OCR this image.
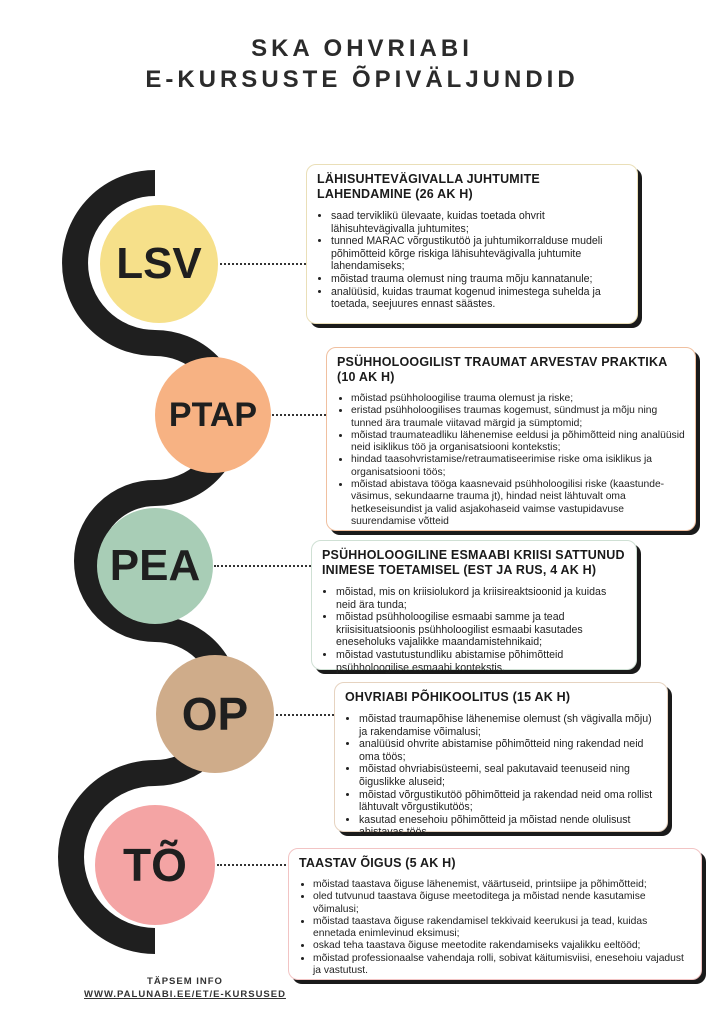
SKA OHVRIABI
E-KURSUSTE ÕPIVÄLJUNDID
LSV
PTAP
PEA
OP
TÕ
LÄHISUHTEVÄGIVALLA JUHTUMITE LAHENDAMINE (26 AK H)
• saad terviklikü ülevaate, kuidas toetada ohvrit lähisuhtevägivalla juhtumites;
• tunned MARAC võrgustikutöö ja juhtumikorralduse mudeli põhimõtteid kõrge riskiga lähisuhtevägivalla juhtumite lahendamiseks;
• mõistad trauma olemust ning trauma mõju kannatanule;
• analüüsid, kuidas traumat kogenud inimestega suhelda ja toetada, seejuures ennast säästes.
PSÜHHOLOOGILIST TRAUMAT ARVESTAV PRAKTIKA (10 AK H)
• mõistad psühholoogilise trauma olemust ja riske;
• eristad psühholoogilises traumas kogemust, sündmust ja mõju ning tunned ära traumale viitavad märgid ja sümptomid;
• mõistad traumateadliku lähenemise eeldusi ja põhimõtteid ning analüüsid neid isiklikus töö ja organisatsiooni kontekstis;
• hindad taasohvristamise/retraumatiseerimise riske oma isiklikus ja organisatsiooni töös;
• mõistad abistava tööga kaasnevaid psühholoogilisi riske (kaastunde-väsimus, sekundaarne trauma jt), hindad neist lähtuvalt oma hetkeseisundist ja valid asjakohaseid vaimse vastupidavuse suurendamise võtteid
PSÜHHOLOOGILINE ESMAABI KRIISI SATTUNUD INIMESE TOETAMISEL (EST JA RUS, 4 AK H)
• mõistad, mis on kriisiolukord ja kriisireaktsioonid ja kuidas neid ära tunda;
• mõistad psühholoogilise esmaabi samme ja tead kriisisituatsioonis psühholoogilist esmaabi kasutades eneseholuks vajalikke maandamistehnikaid;
• mõistad vastutustundliku abistamise põhimõtteid psühholoogilise esmaabi kontekstis.
OHVRIABI PÕHIKOOLITUS (15 AK H)
• mõistad traumapõhise lähenemise olemust (sh vägivalla mõju) ja rakendamise võimalusi;
• analüüsid ohvrite abistamise põhimõtteid ning rakendad neid oma töös;
• mõistad ohvriabisüsteemi, seal pakutavaid teenuseid ning õiguslikke aluseid;
• mõistad võrgustikutöö põhimõtteid ja rakendad neid oma rollist lähtuvalt võrgustikutöös;
• kasutad enesehoiu põhimõtteid ja mõistad nende olulisust abistavas töös.
TAASTAV ÕIGUS (5 AK H)
• mõistad taastava õiguse lähenemist, väärtuseid, printsiipe ja põhimõtteid;
• oled tutvunud taastava õiguse meetoditega ja mõistad nende kasutamise võimalusi;
• mõistad taastava õiguse rakendamisel tekkivaid keerukusi ja tead, kuidas ennetada enimlevinud eksimusi;
• oskad teha taastava õiguse meetodite rakendamiseks vajalikku eeltööd;
• mõistad professionaalse vahendaja rolli, sobivat käitumisviisi, enesehoiu vajadust ja vastutust.
TÄPSEM INFO
WWW.PALUNABI.EE/ET/E-KURSUSED
